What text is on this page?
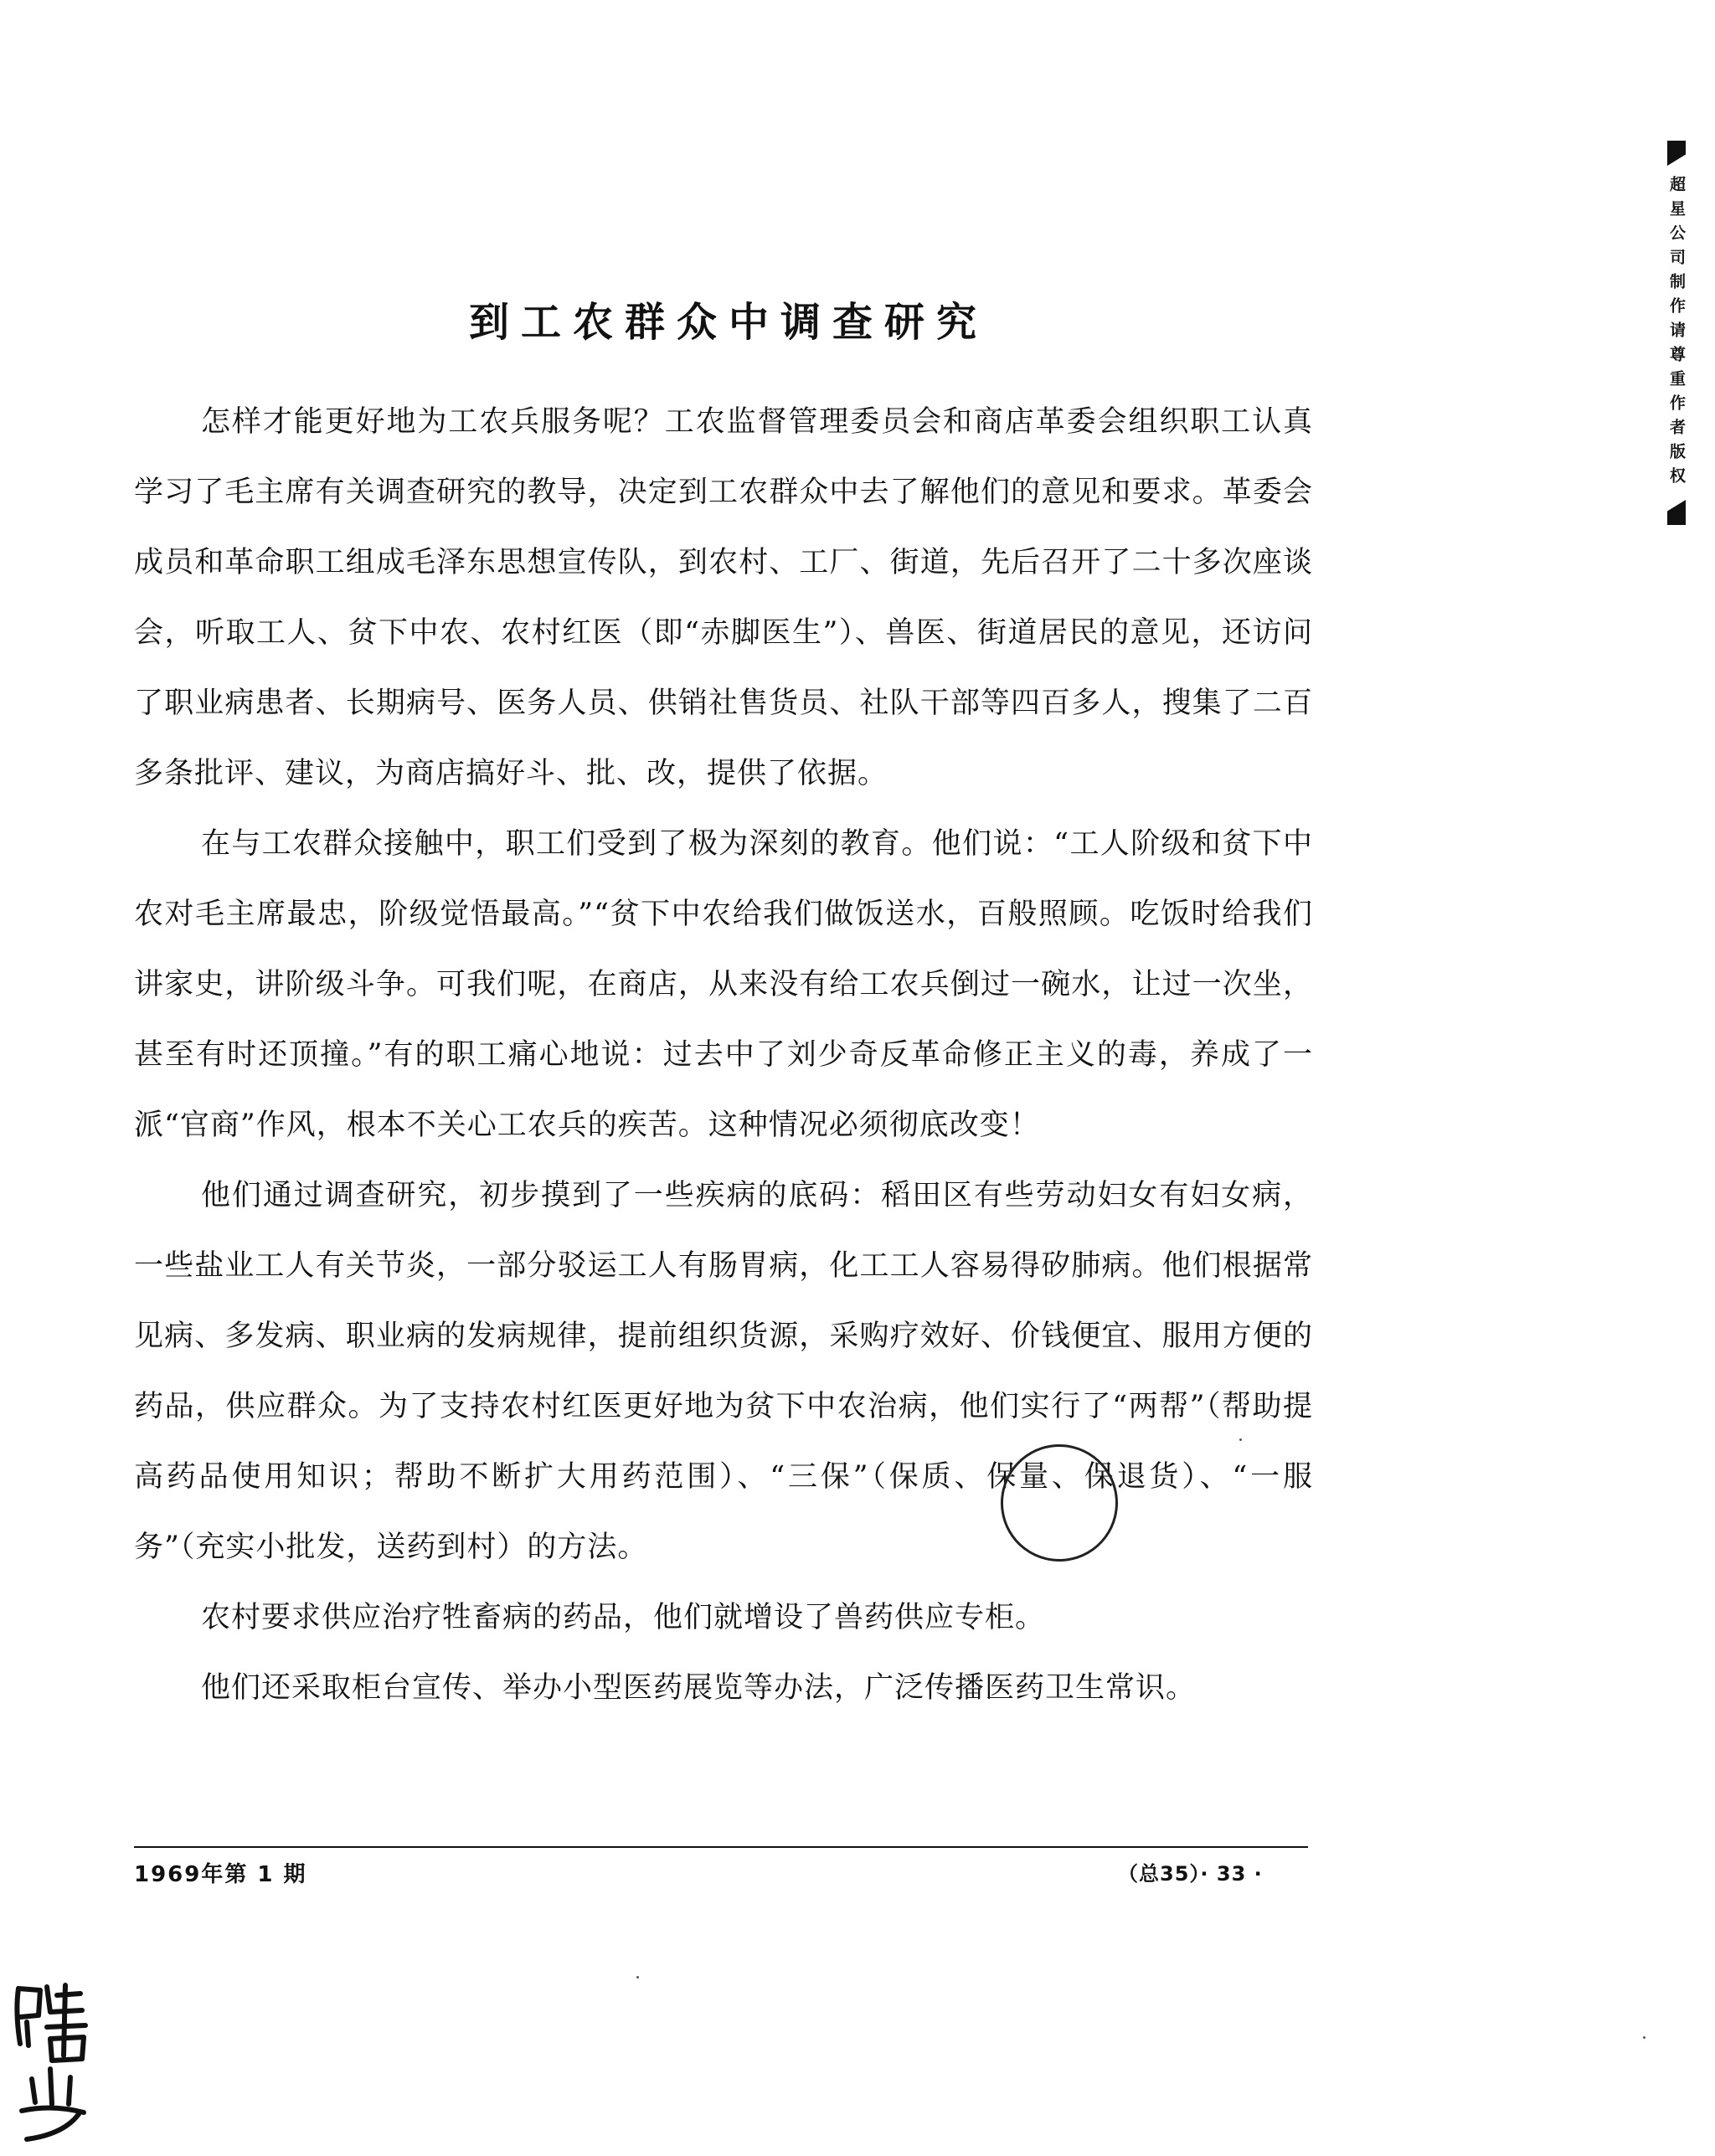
到工农群众中调查研究

怎样才能更好地为工农兵服务呢？工农监督管理委员会和商店革委会组织职工认真学习了毛主席有关调查研究的教导，决定到工农群众中去了解他们的意见和要求。革委会成员和革命职工组成毛泽东思想宣传队，到农村、工厂、街道，先后召开了二十多次座谈会，听取工人、贫下中农、农村红医（即“赤脚医生”）、兽医、街道居民的意见，还访问了职业病患者、长期病号、医务人员、供销社售货员、社队干部等四百多人，搜集了二百多条批评、建议，为商店搞好斗、批、改，提供了依据。

在与工农群众接触中，职工们受到了极为深刻的教育。他们说：“工人阶级和贫下中农对毛主席最忠，阶级觉悟最高。”“贫下中农给我们做饭送水，百般照顾。吃饭时给我们讲家史，讲阶级斗争。可我们呢，在商店，从来没有给工农兵倒过一碗水，让过一次坐，甚至有时还顶撞。”有的职工痛心地说：过去中了刘少奇反革命修正主义的毒，养成了一派“官商”作风，根本不关心工农兵的疾苦。这种情况必须彻底改变！

他们通过调查研究，初步摸到了一些疾病的底码：稻田区有些劳动妇女有妇女病，一些盐业工人有关节炎，一部分驳运工人有肠胃病，化工工人容易得矽肺病。他们根据常见病、多发病、职业病的发病规律，提前组织货源，采购疗效好、价钱便宜、服用方便的药品，供应群众。为了支持农村红医更好地为贫下中农治病，他们实行了“两帮”（帮助提高药品使用知识；帮助不断扩大用药范围）、“三保”（保质、保量、保退货）、“一服务”（充实小批发，送药到村）的方法。

农村要求供应治疗牲畜病的药品，他们就增设了兽药供应专柜。

他们还采取柜台宣传、举办小型医药展览等办法，广泛传播医药卫生常识。

1969年第 1 期	（总35）· 33 ·
超星公司制作请尊重作者版权
